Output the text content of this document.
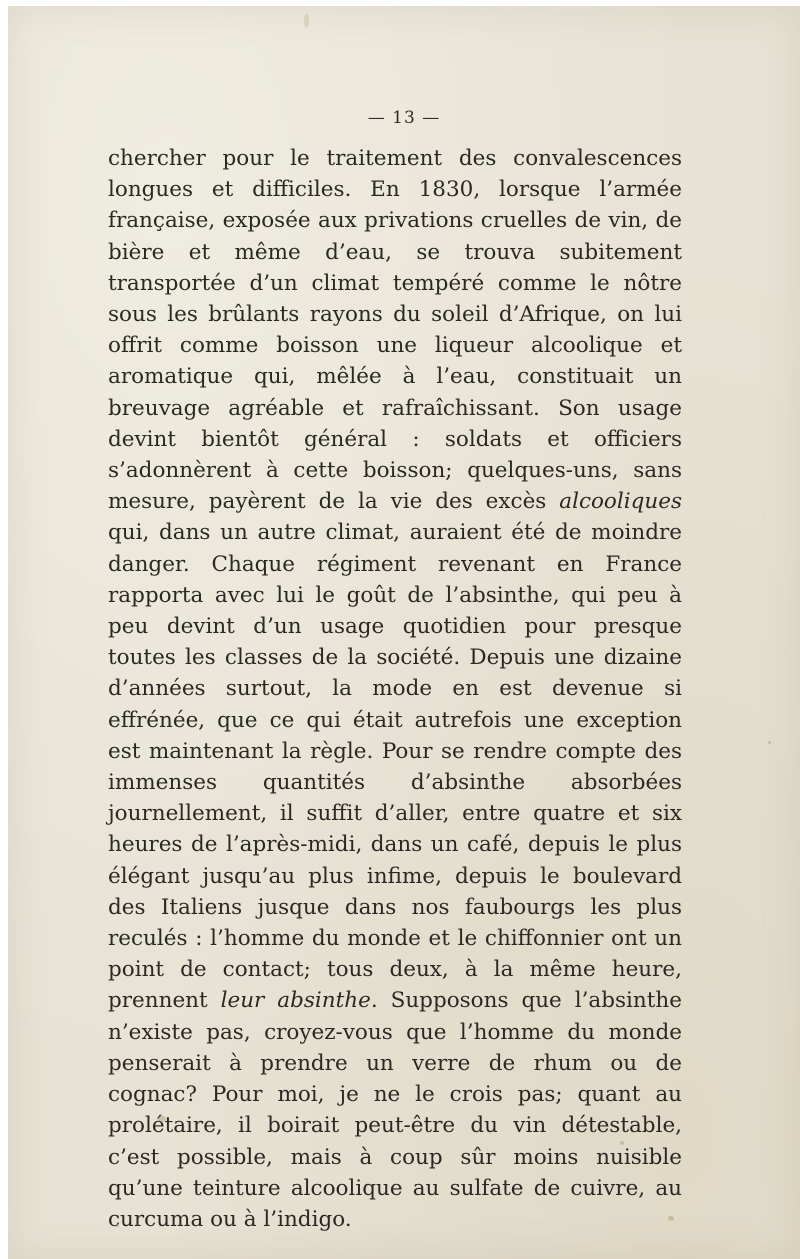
— 13 —
chercher pour le traitement des convalescences longues et difficiles. En 1830, lorsque l’armée française, exposée aux privations cruelles de vin, de bière et même d’eau, se trouva subitement transportée d’un climat tempéré comme le nôtre sous les brûlants rayons du soleil d’Afrique, on lui offrit comme boisson une liqueur alcoolique et aromatique qui, mêlée à l’eau, constituait un breuvage agréable et rafraîchissant. Son usage devint bientôt général : soldats et officiers s’adonnèrent à cette boisson; quelques-uns, sans mesure, payèrent de la vie des excès alcooliques qui, dans un autre climat, auraient été de moindre danger. Chaque régiment revenant en France rapporta avec lui le goût de l’absinthe, qui peu à peu devint d’un usage quotidien pour presque toutes les classes de la société. Depuis une dizaine d’années surtout, la mode en est devenue si effrénée, que ce qui était autrefois une exception est maintenant la règle. Pour se rendre compte des immenses quantités d’absinthe absorbées journellement, il suffit d’aller, entre quatre et six heures de l’après-midi, dans un café, depuis le plus élégant jusqu’au plus infime, depuis le boulevard des Italiens jusque dans nos faubourgs les plus reculés : l’homme du monde et le chiffonnier ont un point de contact; tous deux, à la même heure, prennent leur absinthe. Supposons que l’absinthe n’existe pas, croyez-vous que l’homme du monde penserait à prendre un verre de rhum ou de cognac? Pour moi, je ne le crois pas; quant au prolétaire, il boirait peut-être du vin détestable, c’est possible, mais à coup sûr moins nuisible qu’une teinture alcoolique au sulfate de cuivre, au curcuma ou à l’indigo.
